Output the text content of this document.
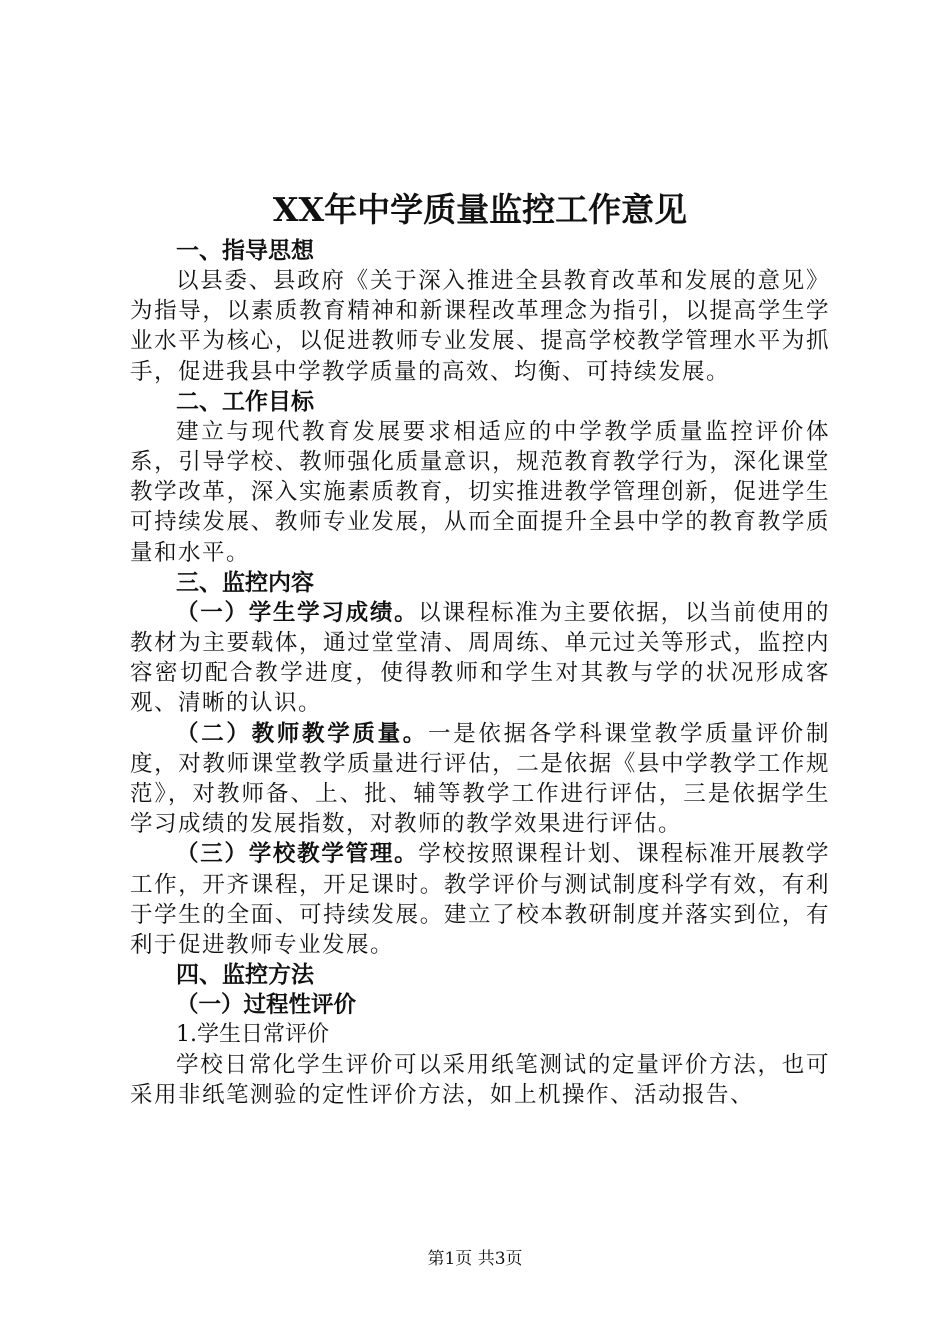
XX年中学质量监控工作意见

一、指导思想

以县委、县政府《关于深入推进全县教育改革和发展的意见》为指导，以素质教育精神和新课程改革理念为指引，以提高学生学业水平为核心，以促进教师专业发展、提高学校教学管理水平为抓手，促进我县中学教学质量的高效、均衡、可持续发展。

二、工作目标

建立与现代教育发展要求相适应的中学教学质量监控评价体系，引导学校、教师强化质量意识，规范教育教学行为，深化课堂教学改革，深入实施素质教育，切实推进教学管理创新，促进学生可持续发展、教师专业发展，从而全面提升全县中学的教育教学质量和水平。

三、监控内容

（一）学生学习成绩。以课程标准为主要依据，以当前使用的教材为主要载体，通过堂堂清、周周练、单元过关等形式，监控内容密切配合教学进度，使得教师和学生对其教与学的状况形成客观、清晰的认识。

（二）教师教学质量。一是依据各学科课堂教学质量评价制度，对教师课堂教学质量进行评估，二是依据《县中学教学工作规范》，对教师备、上、批、辅等教学工作进行评估，三是依据学生学习成绩的发展指数，对教师的教学效果进行评估。

（三）学校教学管理。学校按照课程计划、课程标准开展教学工作，开齐课程，开足课时。教学评价与测试制度科学有效，有利于学生的全面、可持续发展。建立了校本教研制度并落实到位，有利于促进教师专业发展。

四、监控方法

（一）过程性评价

1.学生日常评价

学校日常化学生评价可以采用纸笔测试的定量评价方法，也可采用非纸笔测验的定性评价方法，如上机操作、活动报告、

第1页 共3页
